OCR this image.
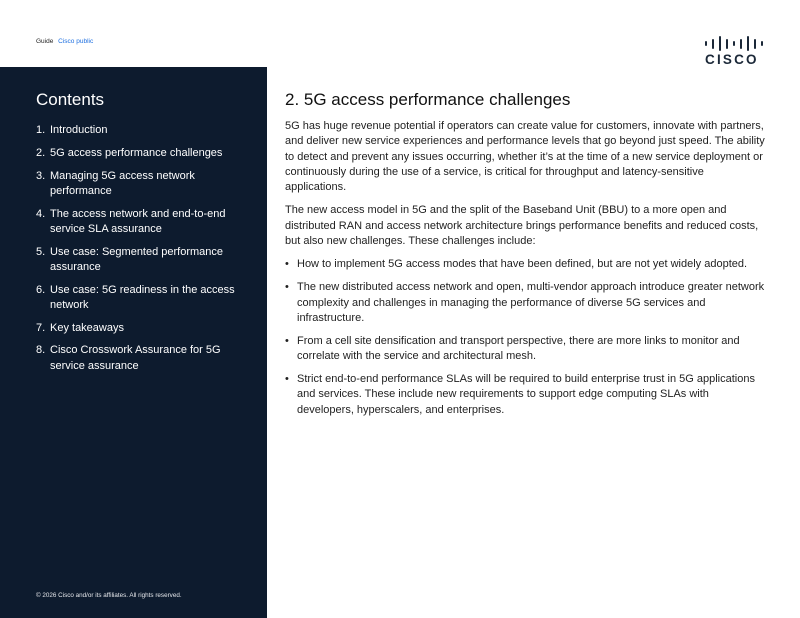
Guide Cisco public
CISCO
Contents
1. Introduction
2. 5G access performance challenges
3. Managing 5G access network performance
4. The access network and end-to-end service SLA assurance
5. Use case: Segmented performance assurance
6. Use case: 5G readiness in the access network
7. Key takeaways
8. Cisco Crosswork Assurance for 5G service assurance
© 2026 Cisco and/or its affiliates. All rights reserved.
2. 5G access performance challenges

5G has huge revenue potential if operators can create value for customers, innovate with partners, and deliver new service experiences and performance levels that go beyond just speed. The ability to detect and prevent any issues occurring, whether it’s at the time of a new service deployment or continuously during the use of a service, is critical for throughput and latency-sensitive applications.

The new access model in 5G and the split of the Baseband Unit (BBU) to a more open and distributed RAN and access network architecture brings performance benefits and reduced costs, but also new challenges. These challenges include:

• How to implement 5G access modes that have been defined, but are not yet widely adopted.
• The new distributed access network and open, multi-vendor approach introduce greater network complexity and challenges in managing the performance of diverse 5G services and infrastructure.
• From a cell site densification and transport perspective, there are more links to monitor and correlate with the service and architectural mesh.
• Strict end-to-end performance SLAs will be required to build enterprise trust in 5G applications and services. These include new requirements to support edge computing SLAs with developers, hyperscalers, and enterprises.
